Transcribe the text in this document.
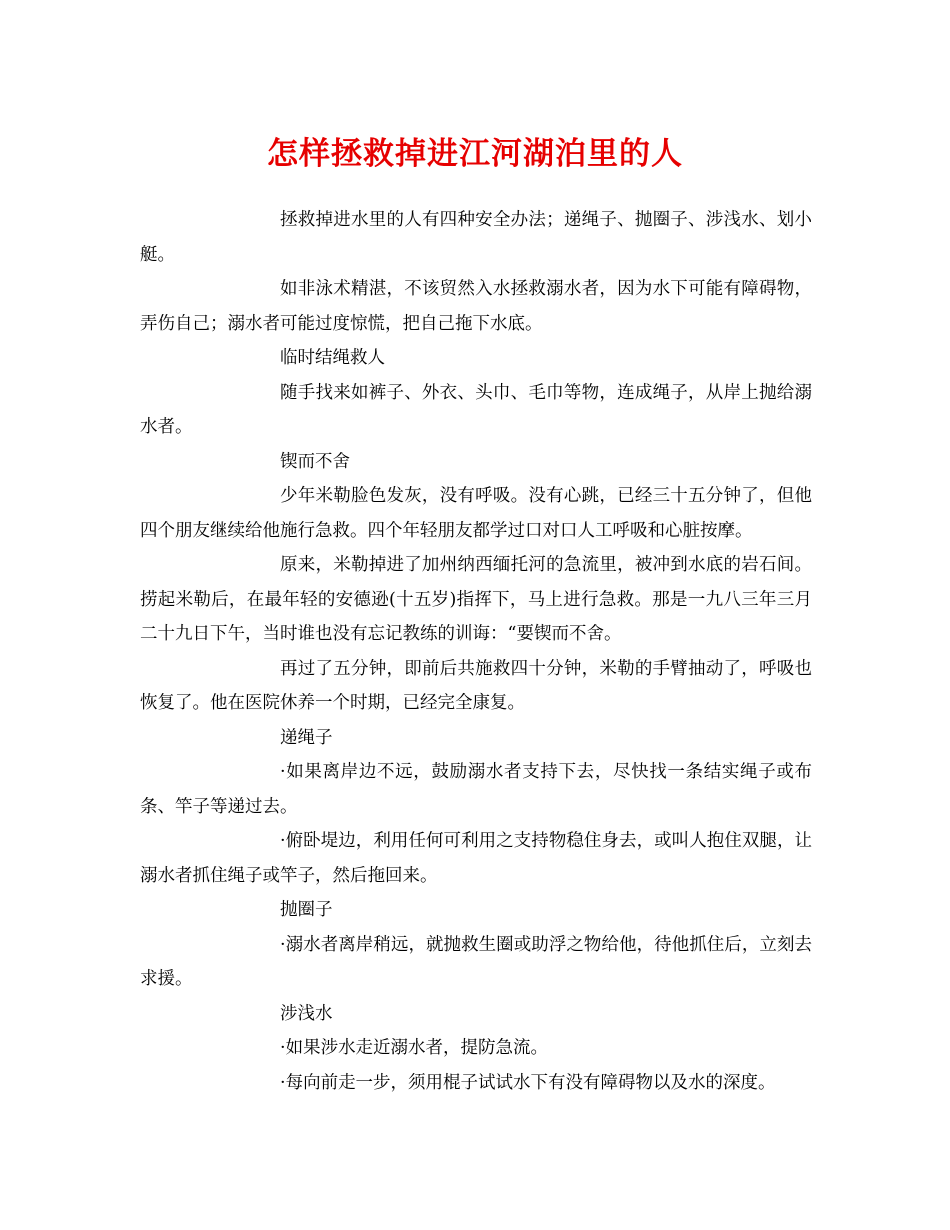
怎样拯救掉进江河湖泊里的人

拯救掉进水里的人有四种安全办法；递绳子、抛圈子、涉浅水、划小艇。

如非泳术精湛，不该贸然入水拯救溺水者，因为水下可能有障碍物，弄伤自己；溺水者可能过度惊慌，把自己拖下水底。

临时结绳救人

随手找来如裤子、外衣、头巾、毛巾等物，连成绳子，从岸上抛给溺水者。

锲而不舍

少年米勒脸色发灰，没有呼吸。没有心跳，已经三十五分钟了，但他四个朋友继续给他施行急救。四个年轻朋友都学过口对口人工呼吸和心脏按摩。

原来，米勒掉进了加州纳西缅托河的急流里，被冲到水底的岩石间。捞起米勒后，在最年轻的安德逊(十五岁)指挥下，马上进行急救。那是一九八三年三月二十九日下午，当时谁也没有忘记教练的训诲：“要锲而不舍。

再过了五分钟，即前后共施救四十分钟，米勒的手臂抽动了，呼吸也恢复了。他在医院休养一个时期，已经完全康复。

递绳子

·如果离岸边不远，鼓励溺水者支持下去，尽快找一条结实绳子或布条、竿子等递过去。

·俯卧堤边，利用任何可利用之支持物稳住身去，或叫人抱住双腿，让溺水者抓住绳子或竿子，然后拖回来。

抛圈子

·溺水者离岸稍远，就抛救生圈或助浮之物给他，待他抓住后，立刻去求援。

涉浅水

·如果涉水走近溺水者，提防急流。

·每向前走一步，须用棍子试试水下有没有障碍物以及水的深度。
